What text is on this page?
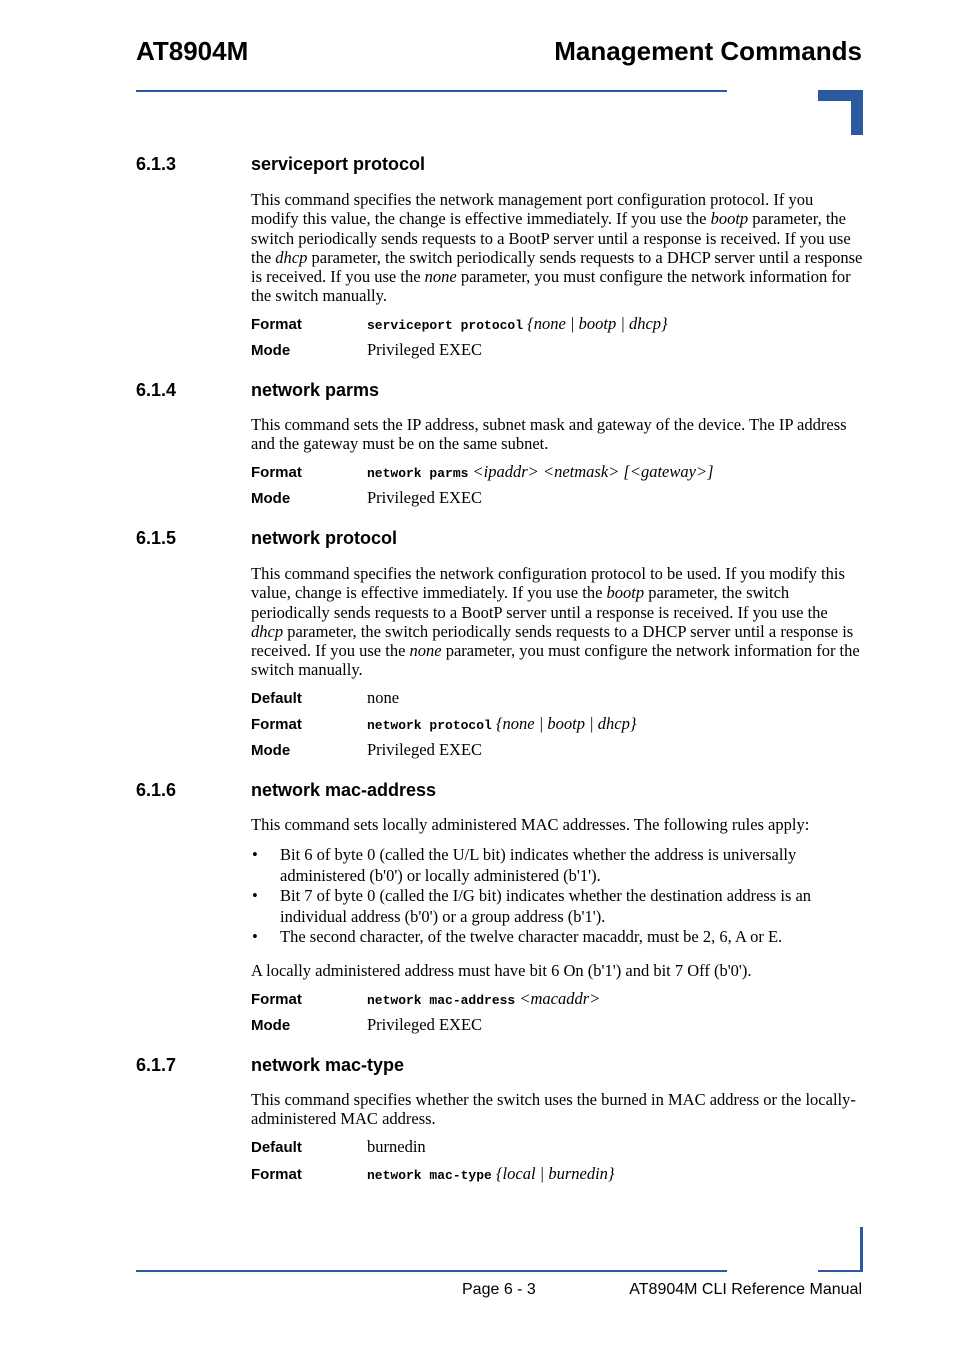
AT8904M	Management Commands
6.1.3	serviceport protocol
This command specifies the network management port configuration protocol. If you modify this value, the change is effective immediately. If you use the bootp parameter, the switch periodically sends requests to a BootP server until a response is received. If you use the dhcp parameter, the switch periodically sends requests to a DHCP server until a response is received. If you use the none parameter, you must configure the network information for the switch manually.
Format	serviceport protocol {none | bootp | dhcp}
Mode	Privileged EXEC
6.1.4	network parms
This command sets the IP address, subnet mask and gateway of the device. The IP address and the gateway must be on the same subnet.
Format	network parms <ipaddr> <netmask> [<gateway>]
Mode	Privileged EXEC
6.1.5	network protocol
This command specifies the network configuration protocol to be used. If you modify this value, change is effective immediately. If you use the bootp parameter, the switch periodically sends requests to a BootP server until a response is received. If you use the dhcp parameter, the switch periodically sends requests to a DHCP server until a response is received. If you use the none parameter, you must configure the network information for the switch manually.
Default	none
Format	network protocol {none | bootp | dhcp}
Mode	Privileged EXEC
6.1.6	network mac-address
This command sets locally administered MAC addresses. The following rules apply:
• Bit 6 of byte 0 (called the U/L bit) indicates whether the address is universally administered (b'0') or locally administered (b'1').
• Bit 7 of byte 0 (called the I/G bit) indicates whether the destination address is an individual address (b'0') or a group address (b'1').
• The second character, of the twelve character macaddr, must be 2, 6, A or E.
A locally administered address must have bit 6 On (b'1') and bit 7 Off (b'0').
Format	network mac-address <macaddr>
Mode	Privileged EXEC
6.1.7	network mac-type
This command specifies whether the switch uses the burned in MAC address or the locally-administered MAC address.
Default	burnedin
Format	network mac-type {local | burnedin}
Page 6 - 3	AT8904M CLI Reference Manual
